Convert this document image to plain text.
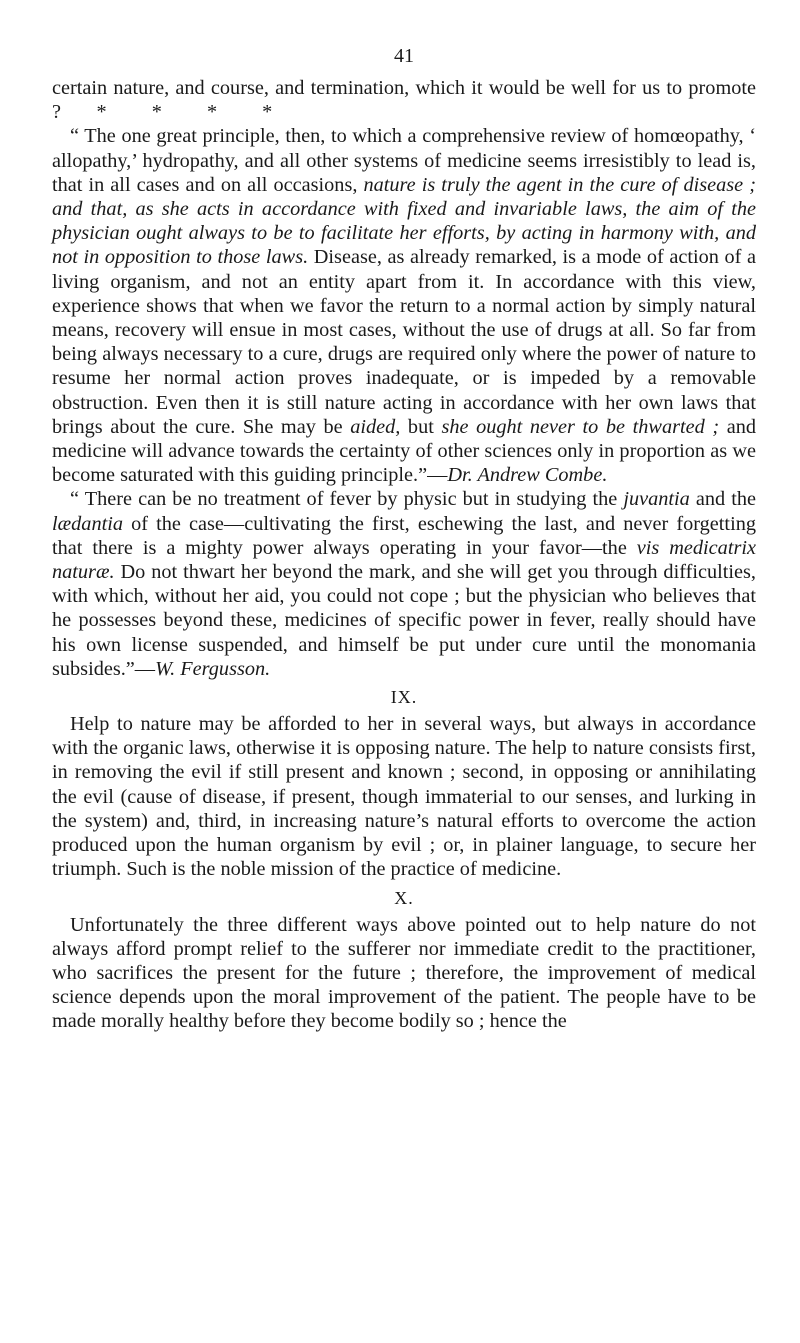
41

certain nature, and course, and termination, which it would be well for us to promote ? * * * *

“ The one great principle, then, to which a comprehensive review of homœopathy, ‘ allopathy,’ hydropathy, and all other systems of medicine seems irresistibly to lead is, that in all cases and on all occasions, nature is truly the agent in the cure of disease ; and that, as she acts in accordance with fixed and invariable laws, the aim of the physician ought always to be to facilitate her efforts, by acting in harmony with, and not in opposition to those laws. Disease, as already remarked, is a mode of action of a living organism, and not an entity apart from it. In accordance with this view, experience shows that when we favor the return to a normal action by simply natural means, recovery will ensue in most cases, without the use of drugs at all. So far from being always necessary to a cure, drugs are required only where the power of nature to resume her normal action proves inadequate, or is impeded by a removable obstruction. Even then it is still nature acting in accordance with her own laws that brings about the cure. She may be aided, but she ought never to be thwarted ; and medicine will advance towards the certainty of other sciences only in proportion as we become saturated with this guiding principle.”—Dr. Andrew Combe.

“ There can be no treatment of fever by physic but in studying the juvantia and the lædantia of the case—cultivating the first, eschewing the last, and never forgetting that there is a mighty power always operating in your favor—the vis medicatrix naturæ. Do not thwart her beyond the mark, and she will get you through difficulties, with which, without her aid, you could not cope ; but the physician who believes that he possesses beyond these, medicines of specific power in fever, really should have his own license suspended, and himself be put under cure until the monomania subsides.”—W. Fergusson.

IX.

Help to nature may be afforded to her in several ways, but always in accordance with the organic laws, otherwise it is opposing nature. The help to nature consists first, in removing the evil if still present and known ; second, in opposing or annihilating the evil (cause of disease, if present, though immaterial to our senses, and lurking in the system) and, third, in increasing nature’s natural efforts to overcome the action produced upon the human organism by evil ; or, in plainer language, to secure her triumph. Such is the noble mission of the practice of medicine.

X.

Unfortunately the three different ways above pointed out to help nature do not always afford prompt relief to the sufferer nor immediate credit to the practitioner, who sacrifices the present for the future ; therefore, the improvement of medical science depends upon the moral improvement of the patient. The people have to be made morally healthy before they become bodily so ; hence the
